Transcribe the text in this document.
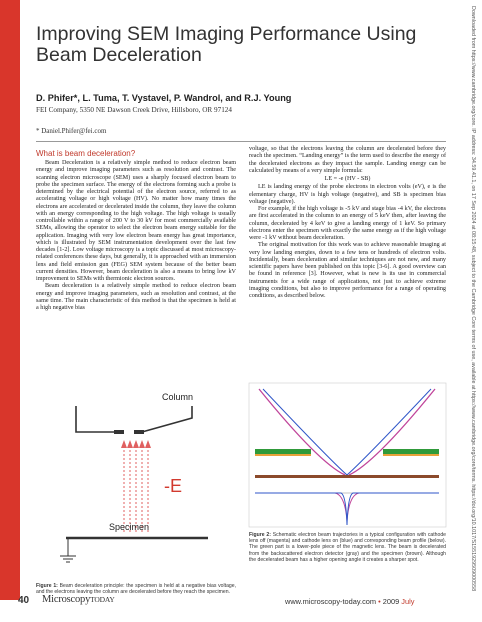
Downloaded from https://www.cambridge.org/core. IP address: 34.59.41.1, on 17 Sep 2024 at 08:15:48, subject to the Cambridge Core terms of use, available at https://www.cambridge.org/core/terms. https://doi.org/10.1017/S1551929509000558
Improving SEM Imaging Performance Using Beam Deceleration
D. Phifer*, L. Tuma, T. Vystavel, P. Wandrol, and R.J. Young
FEI Company, 5350 NE Dawson Creek Drive, Hillsboro, OR 97124
* Daniel.Phifer@fei.com
What is beam deceleration?

Beam Deceleration is a relatively simple method to reduce electron beam energy and improve imaging parameters such as resolution and contrast. The scanning electron microscope (SEM) uses a sharply focused electron beam to probe the specimen surface. The energy of the electrons forming such a probe is determined by the electrical potential of the electron source, referred to as accelerating voltage or high voltage (HV). No matter how many times the electrons are accelerated or decelerated inside the column, they leave the column with an energy corresponding to the high voltage. The high voltage is usually controllable within a range of 200 V to 30 kV for most commercially available SEMs, allowing the operator to select the electron beam energy suitable for the application. Imaging with very low electron beam energy has great importance, which is illustrated by SEM instrumentation development over the last few decades [1-2]. Low voltage microscopy is a topic discussed at most microscopy-related conferences these days, but generally, it is approached with an immersion lens and field emission gun (FEG) SEM system because of the better beam current densities. However, beam deceleration is also a means to bring low kV improvement to SEMs with thermionic electron sources.

Beam deceleration is a relatively simple method to reduce electron beam energy and improve imaging parameters, such as resolution and contrast, at the same time. The main characteristic of this method is that the specimen is held at a high negative bias

voltage, so that the electrons leaving the column are decelerated before they reach the specimen. “Landing energy” is the term used to describe the energy of the decelerated electrons as they impact the sample. Landing energy can be calculated by means of a very simple formula:

LE = -e (HV - SB)

LE is landing energy of the probe electrons in electron volts (eV), e is the elementary charge, HV is high voltage (negative), and SB is specimen bias voltage (negative).

For example, if the high voltage is -5 kV and stage bias -4 kV, the electrons are first accelerated in the column to an energy of 5 keV then, after leaving the column, decelerated by 4 keV to give a landing energy of 1 keV. So primary electrons enter the specimen with exactly the same energy as if the high voltage were -1 kV without beam deceleration.

The original motivation for this work was to achieve reasonable imaging at very low landing energies, down to a few tens or hundreds of electron volts. Incidentally, beam deceleration and similar techniques are not new, and many scientific papers have been published on this topic [3-6]. A good overview can be found in reference [3]. However, what is new is its use in commercial instruments for a wide range of applications, not just to achieve extreme imaging conditions, but also to improve performance for a range of operating conditions, as described below.

Column
-E
Specimen
Figure 1: Beam deceleration principle: the specimen is held at a negative bias voltage, and the electrons leaving the column are decelerated before they reach the specimen.
Figure 2: Schematic electron beam trajectories in a typical configuration with cathode lens off (magenta) and cathode lens on (blue) and corresponding beam profile (below). The green part is a lower-pole piece of the magnetic lens. The beam is decelerated from the backscattered electron detector (gray) and the specimen (brown). Although the decelerated beam has a higher opening angle it creates a sharper spot.
40 MicroscopyTODAY	www.microscopy-today.com • 2009 July
